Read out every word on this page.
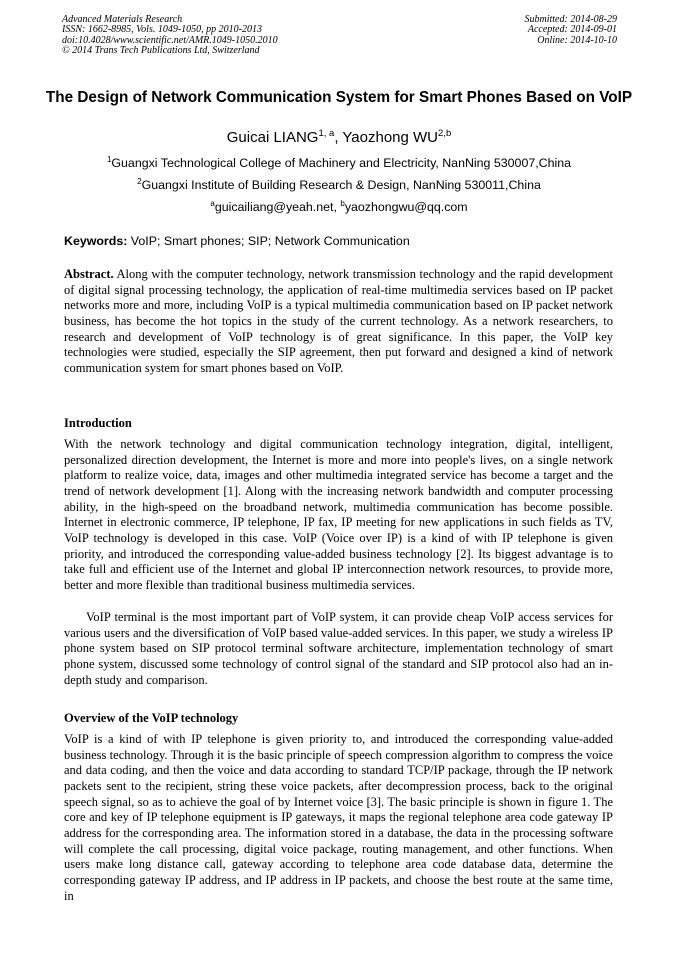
Advanced Materials Research
ISSN: 1662-8985, Vols. 1049-1050, pp 2010-2013
doi:10.4028/www.scientific.net/AMR.1049-1050.2010
© 2014 Trans Tech Publications Ltd, Switzerland
Submitted: 2014-08-29
Accepted: 2014-09-01
Online: 2014-10-10
The Design of Network Communication System for Smart Phones Based on VoIP
Guicai LIANG$^{1, a}$, Yaozhong WU$^{2,b}$
$^1$Guangxi Technological College of Machinery and Electricity, NanNing 530007,China
$^2$Guangxi Institute of Building Research & Design, NanNing 530011,China
$^a$guicailiang@yeah.net, $^b$yaozhongwu@qq.com
Keywords: VoIP; Smart phones; SIP; Network Communication
Abstract. Along with the computer technology, network transmission technology and the rapid development of digital signal processing technology, the application of real-time multimedia services based on IP packet networks more and more, including VoIP is a typical multimedia communication based on IP packet network business, has become the hot topics in the study of the current technology. As a network researchers, to research and development of VoIP technology is of great significance. In this paper, the VoIP key technologies were studied, especially the SIP agreement, then put forward and designed a kind of network communication system for smart phones based on VoIP.
Introduction
With the network technology and digital communication technology integration, digital, intelligent, personalized direction development, the Internet is more and more into people's lives, on a single network platform to realize voice, data, images and other multimedia integrated service has become a target and the trend of network development [1]. Along with the increasing network bandwidth and computer processing ability, in the high-speed on the broadband network, multimedia communication has become possible. Internet in electronic commerce, IP telephone, IP fax, IP meeting for new applications in such fields as TV, VoIP technology is developed in this case. VoIP (Voice over IP) is a kind of with IP telephone is given priority, and introduced the corresponding value-added business technology [2]. Its biggest advantage is to take full and efficient use of the Internet and global IP interconnection network resources, to provide more, better and more flexible than traditional business multimedia services.
VoIP terminal is the most important part of VoIP system, it can provide cheap VoIP access services for various users and the diversification of VoIP based value-added services. In this paper, we study a wireless IP phone system based on SIP protocol terminal software architecture, implementation technology of smart phone system, discussed some technology of control signal of the standard and SIP protocol also had an in-depth study and comparison.
Overview of the VoIP technology
VoIP is a kind of with IP telephone is given priority to, and introduced the corresponding value-added business technology. Through it is the basic principle of speech compression algorithm to compress the voice and data coding, and then the voice and data according to standard TCP/IP package, through the IP network packets sent to the recipient, string these voice packets, after decompression process, back to the original speech signal, so as to achieve the goal of by Internet voice [3]. The basic principle is shown in figure 1. The core and key of IP telephone equipment is IP gateways, it maps the regional telephone area code gateway IP address for the corresponding area. The information stored in a database, the data in the processing software will complete the call processing, digital voice package, routing management, and other functions. When users make long distance call, gateway according to telephone area code database data, determine the corresponding gateway IP address, and IP address in IP packets, and choose the best route at the same time, in
